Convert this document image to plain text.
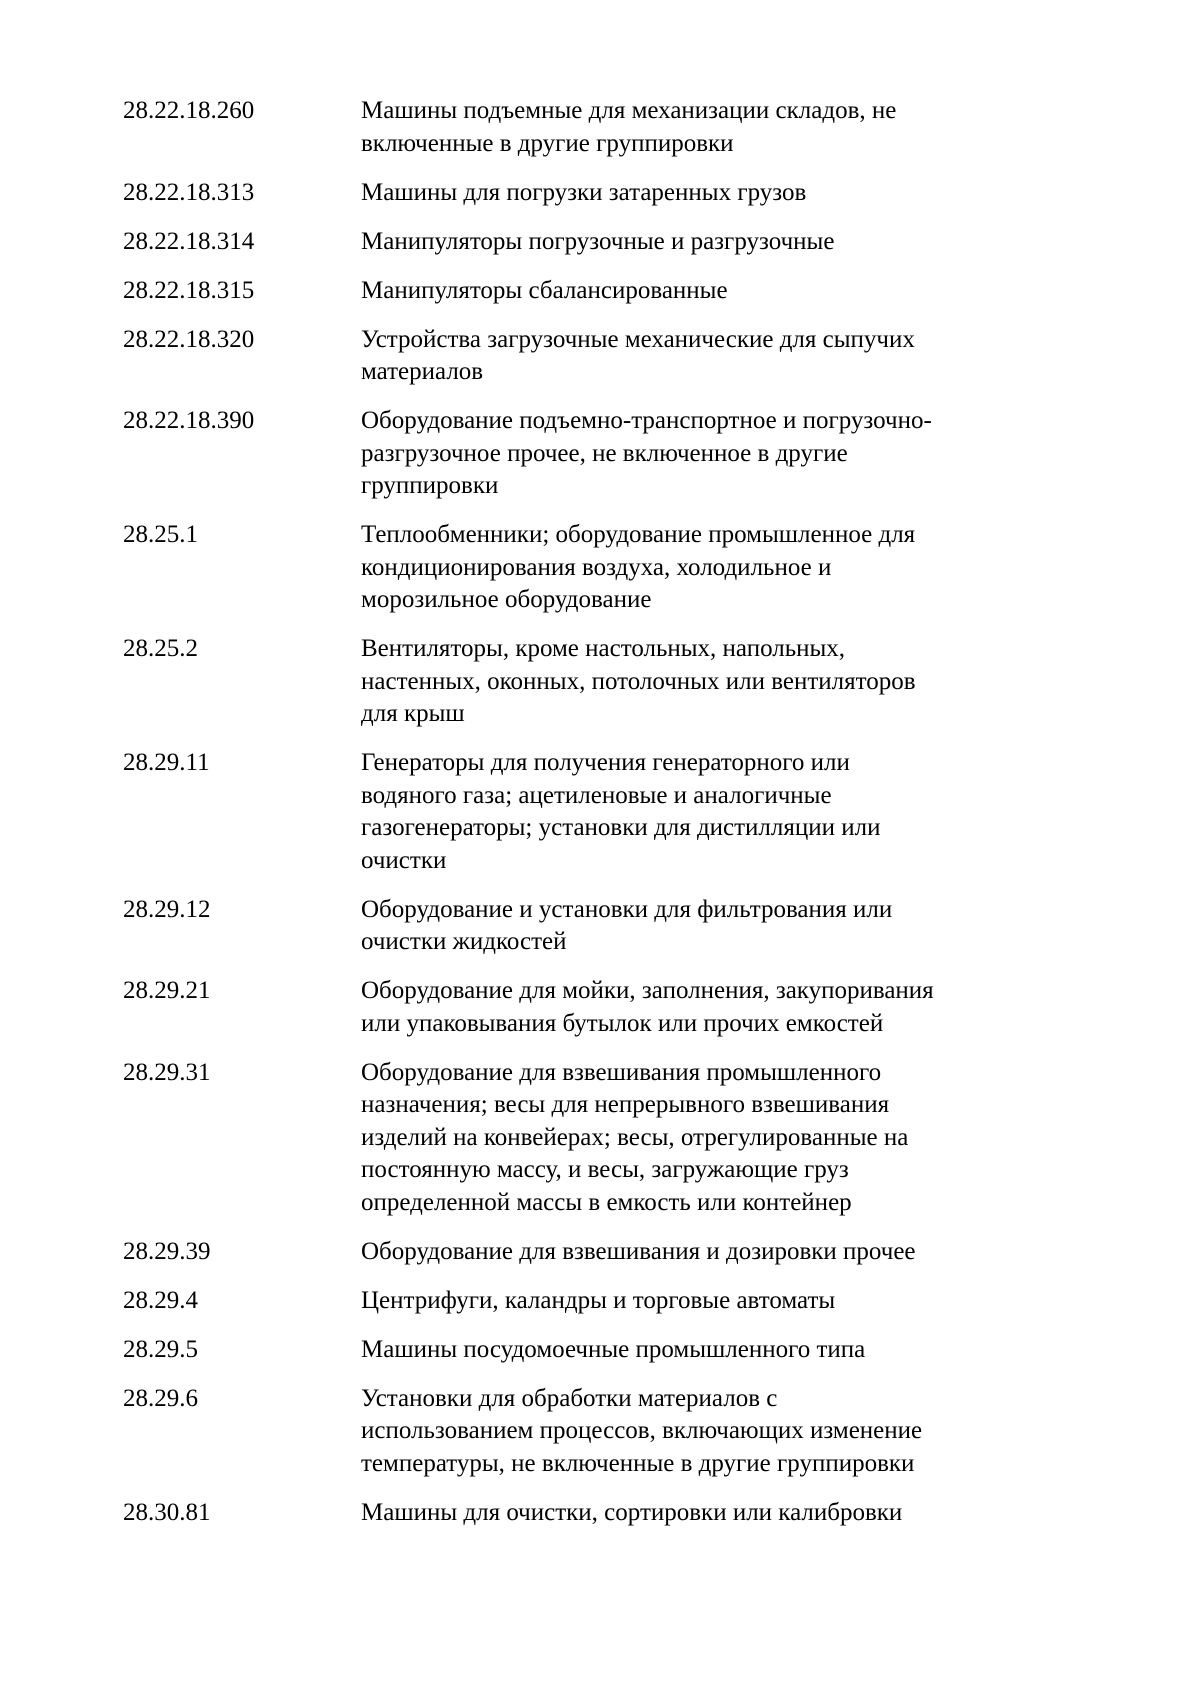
28.22.18.260	Машины подъемные для механизации складов, не
включенные в другие группировки
28.22.18.313	Машины для погрузки затаренных грузов
28.22.18.314	Манипуляторы погрузочные и разгрузочные
28.22.18.315	Манипуляторы сбалансированные
28.22.18.320	Устройства загрузочные механические для сыпучих
материалов
28.22.18.390	Оборудование подъемно-транспортное и погрузочно-
разгрузочное прочее, не включенное в другие
группировки
28.25.1	Теплообменники; оборудование промышленное для
кондиционирования воздуха, холодильное и
морозильное оборудование
28.25.2	Вентиляторы, кроме настольных, напольных,
настенных, оконных, потолочных или вентиляторов
для крыш
28.29.11	Генераторы для получения генераторного или
водяного газа; ацетиленовые и аналогичные
газогенераторы; установки для дистилляции или
очистки
28.29.12	Оборудование и установки для фильтрования или
очистки жидкостей
28.29.21	Оборудование для мойки, заполнения, закупоривания
или упаковывания бутылок или прочих емкостей
28.29.31	Оборудование для взвешивания промышленного
назначения; весы для непрерывного взвешивания
изделий на конвейерах; весы, отрегулированные на
постоянную массу, и весы, загружающие груз
определенной массы в емкость или контейнер
28.29.39	Оборудование для взвешивания и дозировки прочее
28.29.4	Центрифуги, каландры и торговые автоматы
28.29.5	Машины посудомоечные промышленного типа
28.29.6	Установки для обработки материалов с
использованием процессов, включающих изменение
температуры, не включенные в другие группировки
28.30.81	Машины для очистки, сортировки или калибровки
